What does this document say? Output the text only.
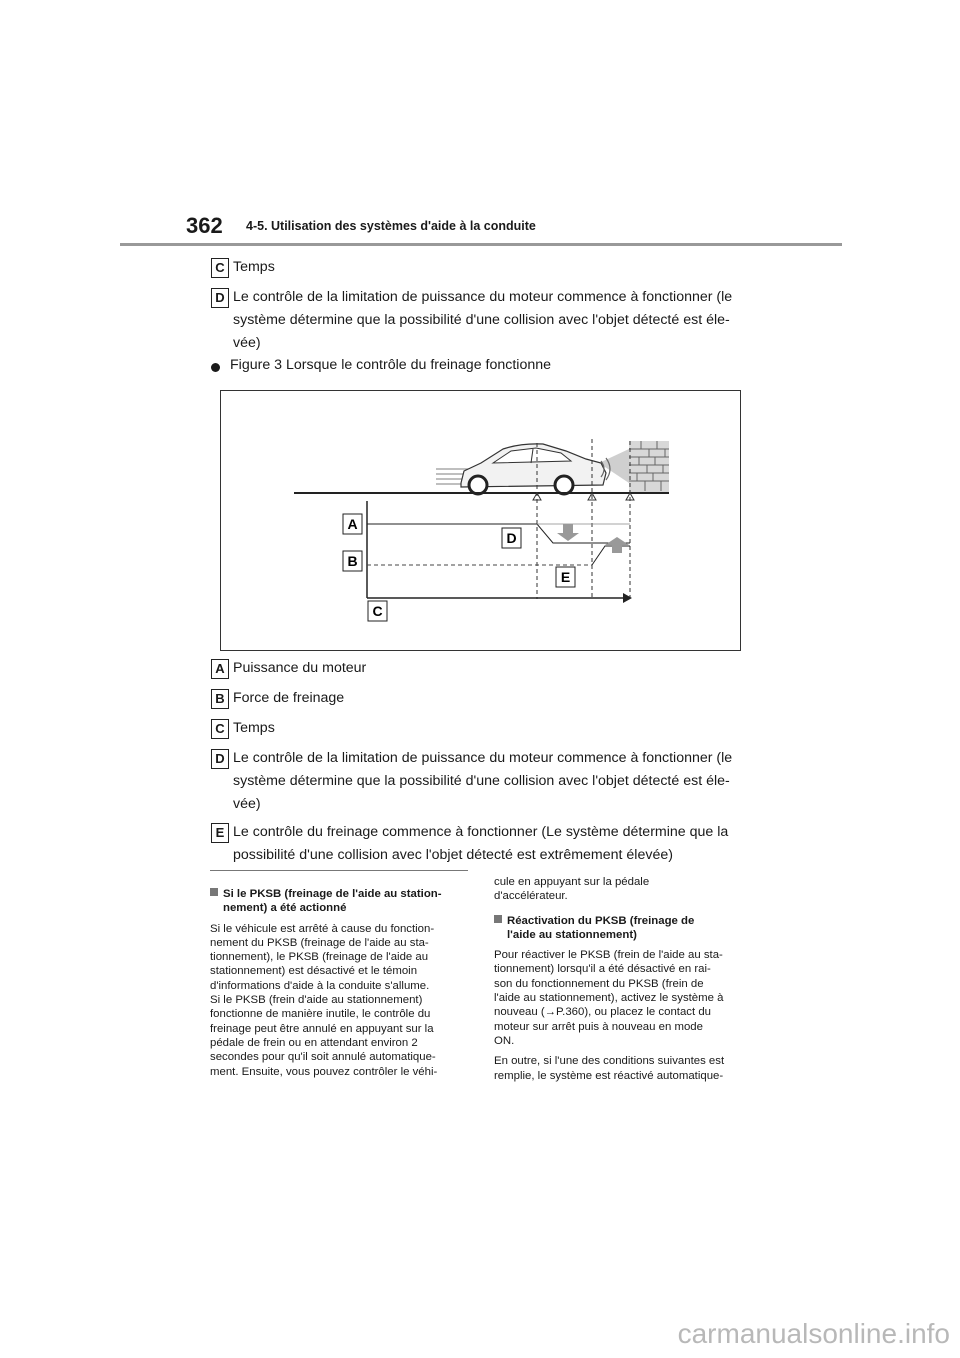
362 4-5. Utilisation des systèmes d'aide à la conduite
C Temps
D Le contrôle de la limitation de puissance du moteur commence à fonctionner (le
système détermine que la possibilité d'une collision avec l'objet détecté est éle-
vée)
Figure 3 Lorsque le contrôle du freinage fonctionne
A
B
C
D
E
A Puissance du moteur
B Force de freinage
C Temps
D Le contrôle de la limitation de puissance du moteur commence à fonctionner (le
système détermine que la possibilité d'une collision avec l'objet détecté est éle-
vée)
E Le contrôle du freinage commence à fonctionner (Le système détermine que la
possibilité d'une collision avec l'objet détecté est extrêmement élevée)
Si le PKSB (freinage de l'aide au station-
nement) a été actionné
Si le véhicule est arrêté à cause du fonction-
nement du PKSB (freinage de l'aide au sta-
tionnement), le PKSB (freinage de l'aide au
stationnement) est désactivé et le témoin
d'informations d'aide à la conduite s'allume.
Si le PKSB (frein d'aide au stationnement)
fonctionne de manière inutile, le contrôle du
freinage peut être annulé en appuyant sur la
pédale de frein ou en attendant environ 2
secondes pour qu'il soit annulé automatique-
ment. Ensuite, vous pouvez contrôler le véhi-
cule en appuyant sur la pédale
d'accélérateur.
Réactivation du PKSB (freinage de
l'aide au stationnement)
Pour réactiver le PKSB (frein de l'aide au sta-
tionnement) lorsqu'il a été désactivé en rai-
son du fonctionnement du PKSB (frein de
l'aide au stationnement), activez le système à
nouveau (→P.360), ou placez le contact du
moteur sur arrêt puis à nouveau en mode
ON.
En outre, si l'une des conditions suivantes est
remplie, le système est réactivé automatique-
carmanualsonline.info
